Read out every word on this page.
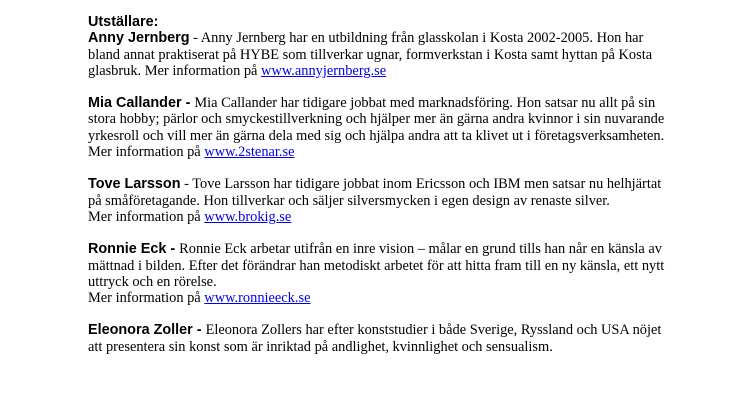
Utställare:

Anny Jernberg - Anny Jernberg har en utbildning från glasskolan i Kosta 2002-2005. Hon har bland annat praktiserat på HYBE som tillverkar ugnar, formverkstan i Kosta samt hyttan på Kosta glasbruk. Mer information på www.annyjernberg.se

Mia Callander - Mia Callander har tidigare jobbat med marknadsföring. Hon satsar nu allt på sin stora hobby; pärlor och smyckestillverkning och hjälper mer än gärna andra kvinnor i sin nuvarande yrkesroll och vill mer än gärna dela med sig och hjälpa andra att ta klivet ut i företagsverksamheten.

Mer information på www.2stenar.se

Tove Larsson - Tove Larsson har tidigare jobbat inom Ericsson och IBM men satsar nu helhjärtat på småföretagande. Hon tillverkar och säljer silversmycken i egen design av renaste silver.

Mer information på www.brokig.se

Ronnie Eck - Ronnie Eck arbetar utifrån en inre vision – målar en grund tills han når en känsla av mättnad i bilden. Efter det förändrar han metodiskt arbetet för att hitta fram till en ny känsla, ett nytt uttryck och en rörelse.

Mer information på www.ronnieeck.se

Eleonora Zoller - Eleonora Zollers har efter konststudier i både Sverige, Ryssland och USA nöjet att presentera sin konst som är inriktad på andlighet, kvinnlighet och sensualism.
